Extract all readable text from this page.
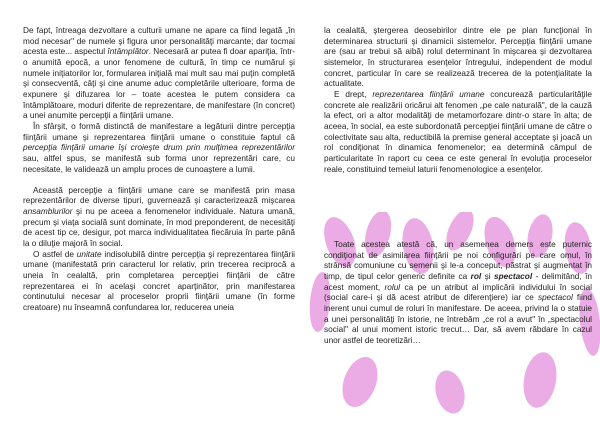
De fapt, întreaga dezvoltare a culturii umane ne apare ca fiind legată „în mod necesar" de numele şi figura unor personalităţi marcante; dar tocmai acesta este... aspectul întâmplător. Necesară ar putea fi doar apariţia, într-o anumită epocă, a unor fenomene de cultură, în timp ce numărul şi numele iniţiatorilor lor, formularea iniţială mai mult sau mai puţin completă şi consecventă, câţi şi cine anume aduc completările ulterioare, forma de expunere şi difuzarea lor – toate acestea le putem considera ca întâmplătoare, moduri diferite de reprezentare, de manifestare (în concret) a unei anumite percepţii a fiinţării umane.

În sfârşit, o formă distinctă de manifestare a legăturii dintre percepţia fiinţării umane şi reprezentarea fiinţării umane o constituie faptul că percepţia fiinţării umane îşi croieşte drum prin mulţimea reprezentărilor sau, altfel spus, se manifestă sub forma unor reprezentări care, cu necesitate, le validează un amplu proces de cunoaştere a lumii.

Această percepţie a fiinţării umane care se manifestă prin masa reprezentărilor de diverse tipuri, guvernează şi caracterizează mişcarea ansamblurilor şi nu pe aceea a fenomenelor individuale. Natura umană, precum şi viaţa socială sunt dominate, în mod preponderent, de necesităţi de acest tip ce, desigur, pot marca individualitatea fiecăruia în parte până la o diluţie majoră în social.

O astfel de unitate indisolubilă dintre percepţia şi reprezentarea fiinţării umane (manifestată prin caracterul lor relativ, prin trecerea reciprocă a uneia în cealaltă, prin completarea percepţiei fiinţării de către reprezentarea ei în acelaşi concret aparţinător, prin manifestarea continutului necesar al proceselor proprii fiinţării umane (în forme creatoare) nu înseamnă confundarea lor, reducerea uneia

la cealaltă, ştergerea deosebirilor dintre ele pe plan funcţional în determinarea structurii şi dinamicii sistemelor. Percepţia fiinţării umane are (sau ar trebui să aibă) rolul determinant în mişcarea şi dezvoltarea sistemelor, în structurarea esenţelor întregului, independent de modul concret, particular în care se realizează trecerea de la potenţialitate la actualitate.

E drept, reprezentarea fiinţării umane concurează particularităţile concrete ale realizării oricărui alt fenomen „pe cale naturală", de la cauză la efect, ori a altor modalităţi de metamorfozare dintr-o stare în alta; de aceea, în social, ea este subordonată percepţiei fiinţării umane de către o colectivitate sau alta, reductibilă la premise general acceptate şi joacă un rol condiţionat în dinamica fenomenelor; ea determină câmpul de particularitate în raport cu ceea ce este general în evoluţia proceselor reale, constituind temeiul laturii fenomenologice a esenţelor.

Toate acestea atestă că, un asemenea demers este puternic condiţionat de asimilarea fiinţării pe noi configurări pe care omul, în strânsă comuniune cu semenii şi le-a conceput, păstrat şi augmentat în timp, de tipul celor generic definite ca rol şi spectacol - delimitând, în acest moment, rolul ca pe un atribut al implicării individului în social (social care-i şi dă acest atribut de diferenţiere) iar ce spectacol fiind inerent unui cumul de roluri în manifestare. De aceea, privind la o statuie a unei personalităţi în istorie, ne întrebăm „ce rol a avut" în „spectacolul social" al unui moment istoric trecut… Dar, să avem răbdare în cazul unor astfel de teoretizări…
